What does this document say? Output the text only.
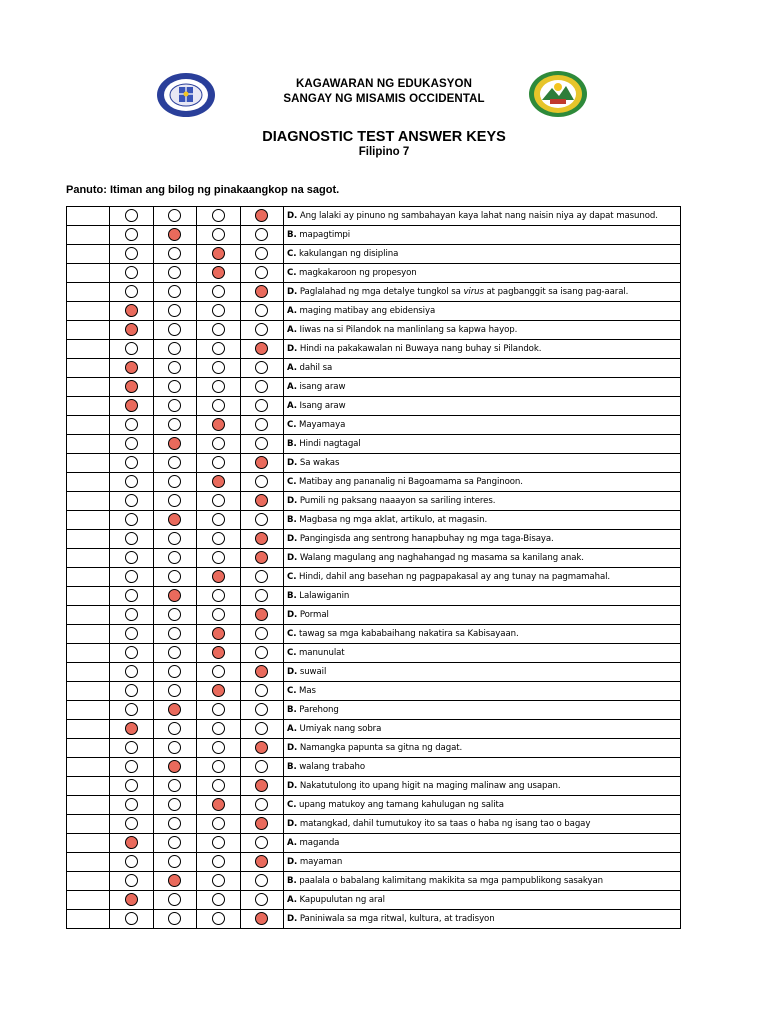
KAGAWARAN NG EDUKASYON
SANGAY NG MISAMIS OCCIDENTAL
DIAGNOSTIC TEST ANSWER KEYS
Filipino 7
Panuto: Itiman ang bilog ng pinakaangkop na sagot.
					D. Ang lalaki ay pinuno ng sambahayan kaya lahat nang naisin niya ay dapat masunod.
					B. mapagtimpi
					C. kakulangan ng disiplina
					C. magkakaroon ng propesyon
					D. Paglalahad ng mga detalye tungkol sa virus at pagbanggit sa isang pag-aaral.
					A. maging matibay ang ebidensiya
					A. Iiwas na si Pilandok na manlinlang sa kapwa hayop.
					D. Hindi na pakakawalan ni Buwaya nang buhay si Pilandok.
					A. dahil sa
					A. isang araw
					A. Isang araw
					C. Mayamaya
					B. Hindi nagtagal
					D. Sa wakas
					C. Matibay ang pananalig ni Bagoamama sa Panginoon.
					D. Pumili ng paksang naaayon sa sariling interes.
					B. Magbasa ng mga aklat, artikulo, at magasin.
					D. Pangingisda ang sentrong hanapbuhay ng mga taga-Bisaya.
					D. Walang magulang ang naghahangad ng masama sa kanilang anak.
					C. Hindi, dahil ang basehan ng pagpapakasal ay ang tunay na pagmamahal.
					B. Lalawiganin
					D. Pormal
					C. tawag sa mga kababaihang nakatira sa Kabisayaan.
					C. manunulat
					D. suwail
					C. Mas
					B. Parehong
					A. Umiyak nang sobra
					D. Namangka papunta sa gitna ng dagat.
					B. walang trabaho
					D. Nakatutulong ito upang higit na maging malinaw ang usapan.
					C. upang matukoy ang tamang kahulugan ng salita
					D. matangkad, dahil tumutukoy ito sa taas o haba ng isang tao o bagay
					A. maganda
					D. mayaman
					B. paalala o babalang kalimitang makikita sa mga pampublikong sasakyan
					A. Kapupulutan ng aral
					D. Paniniwala sa mga ritwal, kultura, at tradisyon
